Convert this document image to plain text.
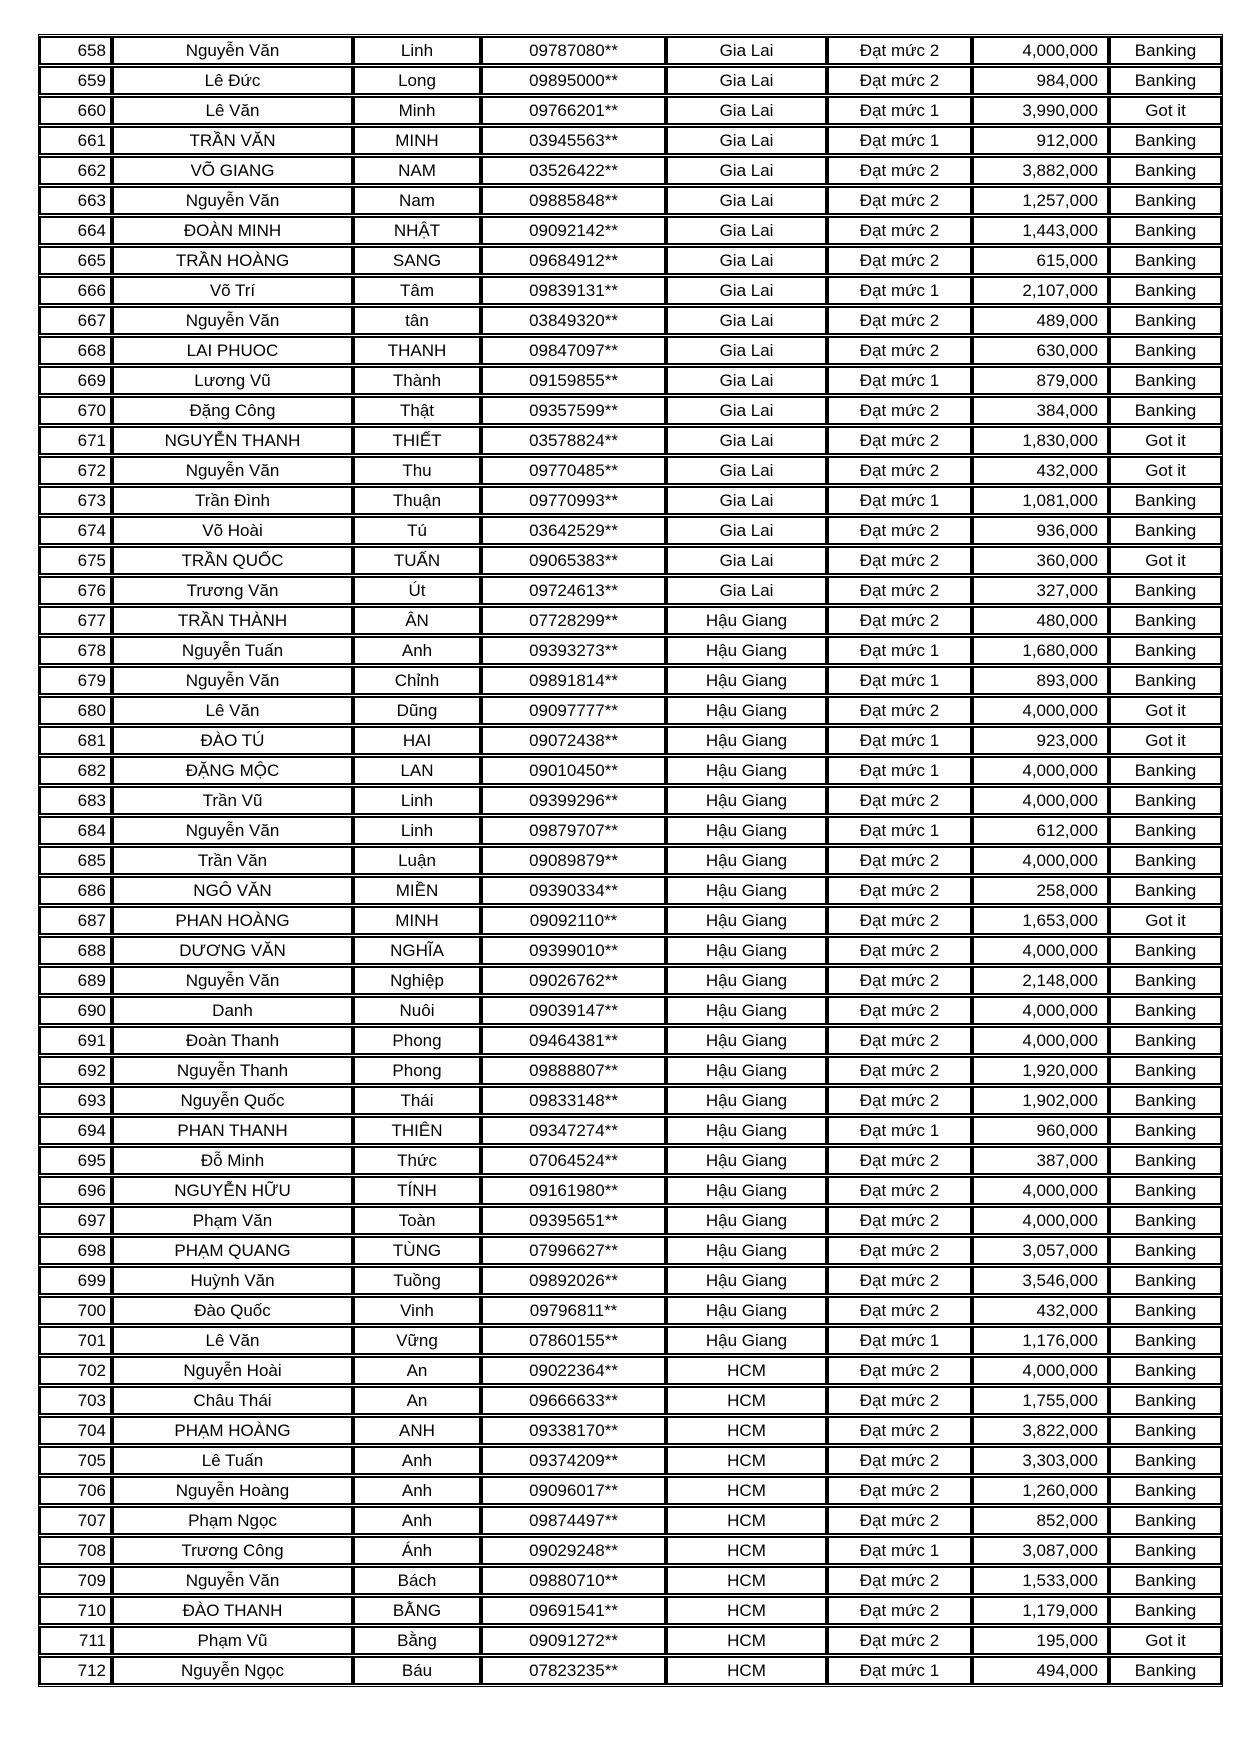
658	Nguyễn Văn	Linh	09787080**	Gia Lai	Đạt mức 2	4,000,000	Banking
659	Lê Đức	Long	09895000**	Gia Lai	Đạt mức 2	984,000	Banking
660	Lê Văn	Minh	09766201**	Gia Lai	Đạt mức 1	3,990,000	Got it
661	TRẦN VĂN	MINH	03945563**	Gia Lai	Đạt mức 1	912,000	Banking
662	VÕ GIANG	NAM	03526422**	Gia Lai	Đạt mức 2	3,882,000	Banking
663	Nguyễn Văn	Nam	09885848**	Gia Lai	Đạt mức 2	1,257,000	Banking
664	ĐOÀN MINH	NHẬT	09092142**	Gia Lai	Đạt mức 2	1,443,000	Banking
665	TRẦN HOÀNG	SANG	09684912**	Gia Lai	Đạt mức 2	615,000	Banking
666	Võ Trí	Tâm	09839131**	Gia Lai	Đạt mức 1	2,107,000	Banking
667	Nguyễn Văn	tân	03849320**	Gia Lai	Đạt mức 2	489,000	Banking
668	LAI PHUOC	THANH	09847097**	Gia Lai	Đạt mức 2	630,000	Banking
669	Lương Vũ	Thành	09159855**	Gia Lai	Đạt mức 1	879,000	Banking
670	Đặng Công	Thật	09357599**	Gia Lai	Đạt mức 2	384,000	Banking
671	NGUYỄN THANH	THIẾT	03578824**	Gia Lai	Đạt mức 2	1,830,000	Got it
672	Nguyễn Văn	Thu	09770485**	Gia Lai	Đạt mức 2	432,000	Got it
673	Trần Đình	Thuận	09770993**	Gia Lai	Đạt mức 1	1,081,000	Banking
674	Võ Hoài	Tú	03642529**	Gia Lai	Đạt mức 2	936,000	Banking
675	TRẦN QUỐC	TUẤN	09065383**	Gia Lai	Đạt mức 2	360,000	Got it
676	Trương Văn	Út	09724613**	Gia Lai	Đạt mức 2	327,000	Banking
677	TRẦN THÀNH	ÂN	07728299**	Hậu Giang	Đạt mức 2	480,000	Banking
678	Nguyễn Tuấn	Anh	09393273**	Hậu Giang	Đạt mức 1	1,680,000	Banking
679	Nguyễn Văn	Chỉnh	09891814**	Hậu Giang	Đạt mức 1	893,000	Banking
680	Lê Văn	Dũng	09097777**	Hậu Giang	Đạt mức 2	4,000,000	Got it
681	ĐÀO TÚ	HAI	09072438**	Hậu Giang	Đạt mức 1	923,000	Got it
682	ĐẶNG MỘC	LAN	09010450**	Hậu Giang	Đạt mức 1	4,000,000	Banking
683	Trần Vũ	Linh	09399296**	Hậu Giang	Đạt mức 2	4,000,000	Banking
684	Nguyễn Văn	Linh	09879707**	Hậu Giang	Đạt mức 1	612,000	Banking
685	Trần Văn	Luận	09089879**	Hậu Giang	Đạt mức 2	4,000,000	Banking
686	NGÔ VĂN	MIỀN	09390334**	Hậu Giang	Đạt mức 2	258,000	Banking
687	PHAN HOÀNG	MINH	09092110**	Hậu Giang	Đạt mức 2	1,653,000	Got it
688	DƯƠNG VĂN	NGHĨA	09399010**	Hậu Giang	Đạt mức 2	4,000,000	Banking
689	Nguyễn Văn	Nghiệp	09026762**	Hậu Giang	Đạt mức 2	2,148,000	Banking
690	Danh	Nuôi	09039147**	Hậu Giang	Đạt mức 2	4,000,000	Banking
691	Đoàn Thanh	Phong	09464381**	Hậu Giang	Đạt mức 2	4,000,000	Banking
692	Nguyễn Thanh	Phong	09888807**	Hậu Giang	Đạt mức 2	1,920,000	Banking
693	Nguyễn Quốc	Thái	09833148**	Hậu Giang	Đạt mức 2	1,902,000	Banking
694	PHAN THANH	THIÊN	09347274**	Hậu Giang	Đạt mức 1	960,000	Banking
695	Đỗ Minh	Thức	07064524**	Hậu Giang	Đạt mức 2	387,000	Banking
696	NGUYỄN HỮU	TÍNH	09161980**	Hậu Giang	Đạt mức 2	4,000,000	Banking
697	Phạm Văn	Toàn	09395651**	Hậu Giang	Đạt mức 2	4,000,000	Banking
698	PHẠM QUANG	TÙNG	07996627**	Hậu Giang	Đạt mức 2	3,057,000	Banking
699	Huỳnh Văn	Tuồng	09892026**	Hậu Giang	Đạt mức 2	3,546,000	Banking
700	Đào Quốc	Vinh	09796811**	Hậu Giang	Đạt mức 2	432,000	Banking
701	Lê Văn	Vững	07860155**	Hậu Giang	Đạt mức 1	1,176,000	Banking
702	Nguyễn Hoài	An	09022364**	HCM	Đạt mức 2	4,000,000	Banking
703	Châu Thái	An	09666633**	HCM	Đạt mức 2	1,755,000	Banking
704	PHẠM HOÀNG	ANH	09338170**	HCM	Đạt mức 2	3,822,000	Banking
705	Lê Tuấn	Anh	09374209**	HCM	Đạt mức 2	3,303,000	Banking
706	Nguyễn Hoàng	Anh	09096017**	HCM	Đạt mức 2	1,260,000	Banking
707	Phạm Ngọc	Anh	09874497**	HCM	Đạt mức 2	852,000	Banking
708	Trương Công	Ánh	09029248**	HCM	Đạt mức 1	3,087,000	Banking
709	Nguyễn Văn	Bách	09880710**	HCM	Đạt mức 2	1,533,000	Banking
710	ĐÀO THANH	BẰNG	09691541**	HCM	Đạt mức 2	1,179,000	Banking
711	Phạm Vũ	Bằng	09091272**	HCM	Đạt mức 2	195,000	Got it
712	Nguyễn Ngọc	Báu	07823235**	HCM	Đạt mức 1	494,000	Banking
